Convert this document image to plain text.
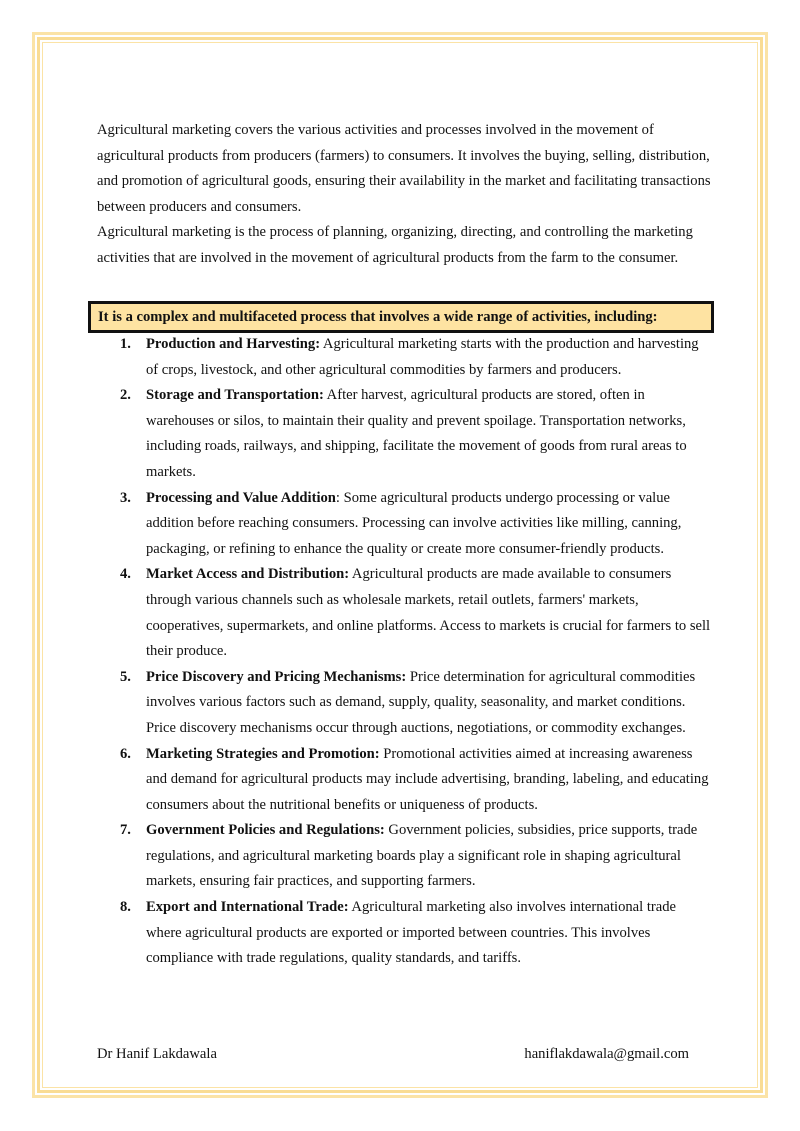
Agricultural marketing covers the various activities and processes involved in the movement of agricultural products from producers (farmers) to consumers. It involves the buying, selling, distribution, and promotion of agricultural goods, ensuring their availability in the market and facilitating transactions between producers and consumers.

Agricultural marketing is the process of planning, organizing, directing, and controlling the marketing activities that are involved in the movement of agricultural products from the farm to the consumer.

It is a complex and multifaceted process that involves a wide range of activities, including:
1. Production and Harvesting: Agricultural marketing starts with the production and harvesting of crops, livestock, and other agricultural commodities by farmers and producers.
2. Storage and Transportation: After harvest, agricultural products are stored, often in warehouses or silos, to maintain their quality and prevent spoilage. Transportation networks, including roads, railways, and shipping, facilitate the movement of goods from rural areas to markets.
3. Processing and Value Addition: Some agricultural products undergo processing or value addition before reaching consumers. Processing can involve activities like milling, canning, packaging, or refining to enhance the quality or create more consumer-friendly products.
4. Market Access and Distribution: Agricultural products are made available to consumers through various channels such as wholesale markets, retail outlets, farmers' markets, cooperatives, supermarkets, and online platforms. Access to markets is crucial for farmers to sell their produce.
5. Price Discovery and Pricing Mechanisms: Price determination for agricultural commodities involves various factors such as demand, supply, quality, seasonality, and market conditions. Price discovery mechanisms occur through auctions, negotiations, or commodity exchanges.
6. Marketing Strategies and Promotion: Promotional activities aimed at increasing awareness and demand for agricultural products may include advertising, branding, labeling, and educating consumers about the nutritional benefits or uniqueness of products.
7. Government Policies and Regulations: Government policies, subsidies, price supports, trade regulations, and agricultural marketing boards play a significant role in shaping agricultural markets, ensuring fair practices, and supporting farmers.
8. Export and International Trade: Agricultural marketing also involves international trade where agricultural products are exported or imported between countries. This involves compliance with trade regulations, quality standards, and tariffs.
Dr Hanif Lakdawala	haniflakdawala@gmail.com
